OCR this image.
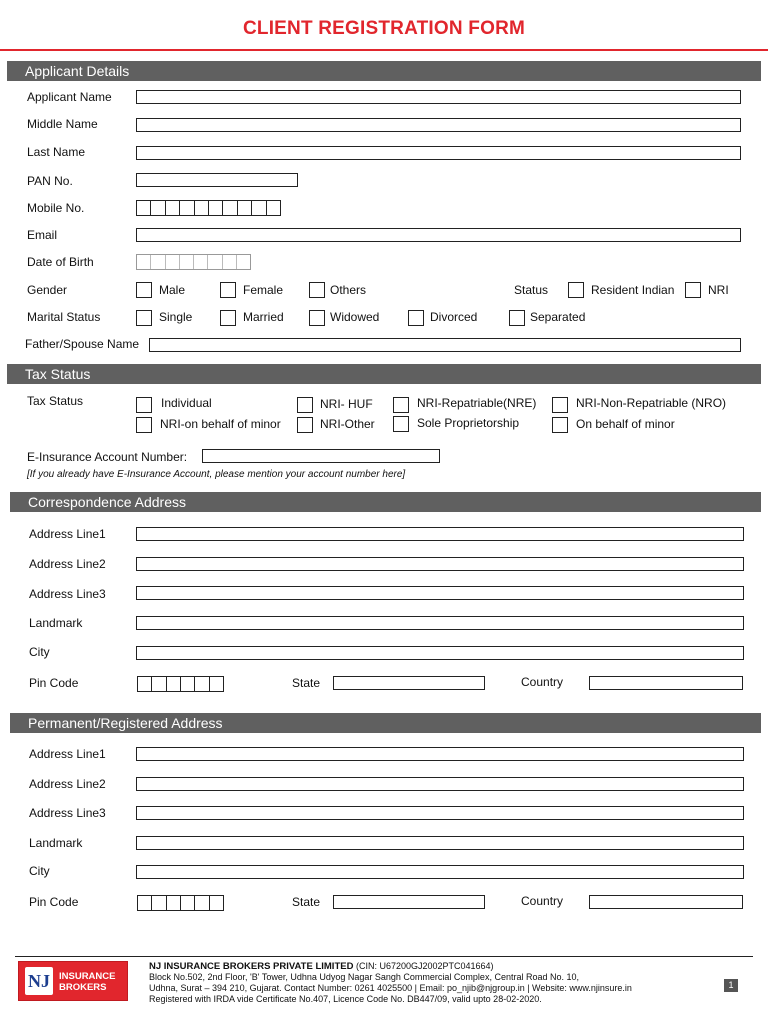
CLIENT REGISTRATION FORM
Applicant Details
Applicant Name
Middle Name
Last Name
PAN No.
Mobile No.
Email
Date of Birth
Gender	Male	Female	Others	Status	Resident Indian	NRI
Marital Status	Single	Married	Widowed	Divorced	Separated
Father/Spouse Name
Tax Status
Tax Status	Individual	NRI- HUF	NRI-Repatriable(NRE)	NRI-Non-Repatriable (NRO)
NRI-on behalf of minor	NRI-Other	Sole Proprietorship	On behalf of minor
E-Insurance Account Number:
[If you already have E-Insurance Account, please mention your account number here]
Correspondence Address
Address Line1
Address Line2
Address Line3
Landmark
City
Pin Code	State	Country
Permanent/Registered Address
Address Line1
Address Line2
Address Line3
Landmark
City
Pin Code	State	Country
NJ INSURANCE
BROKERS
NJ INSURANCE BROKERS PRIVATE LIMITED (CIN: U67200GJ2002PTC041664)
Block No.502, 2nd Floor, 'B' Tower, Udhna Udyog Nagar Sangh Commercial Complex, Central Road No. 10,
Udhna, Surat – 394 210, Gujarat. Contact Number: 0261 4025500 | Email: po_njib@njgroup.in | Website: www.njinsure.in
Registered with IRDA vide Certificate No.407, Licence Code No. DB447/09, valid upto 28-02-2020.
1
